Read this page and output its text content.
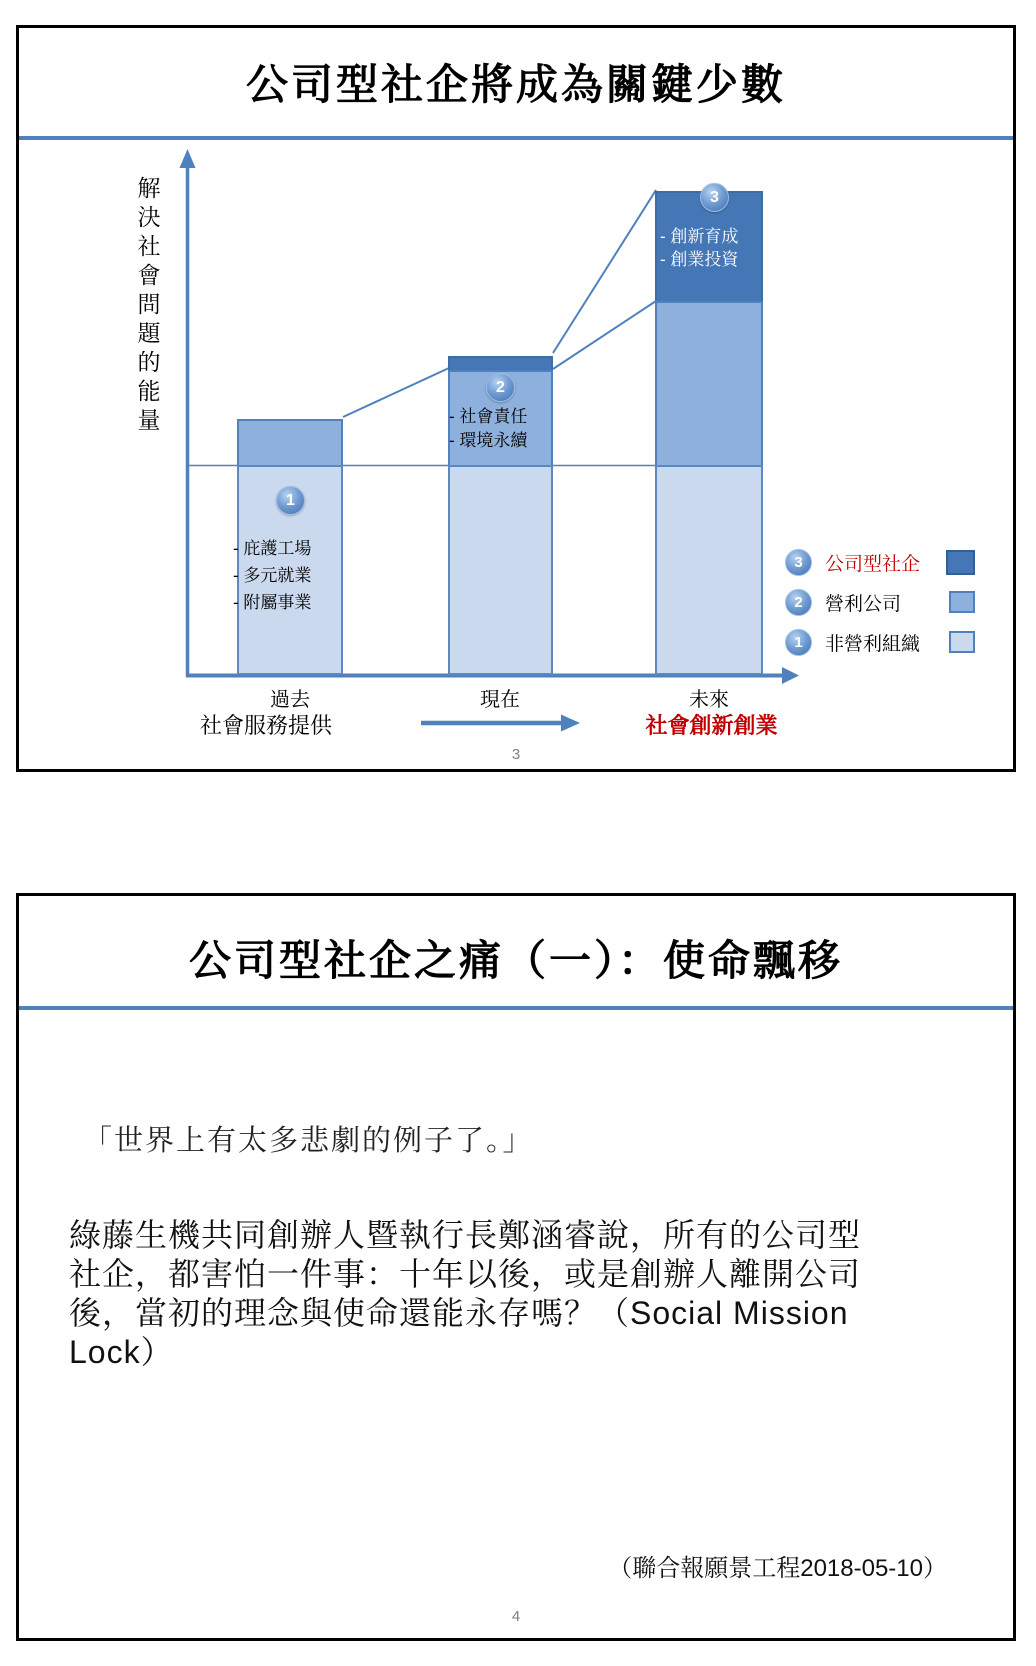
公司型社企將成為關鍵少數
解
決
社
會
問
題
的
能
量
1
2
3
- 庇護工場
- 多元就業
- 附屬事業
- 社會責任
- 環境永續
- 創新育成
- 創業投資
過去	現在	未來
社會服務提供	社會創新創業
3	公司型社企
2	營利公司
1	非營利組織
3
公司型社企之痛（一）：使命飄移
「世界上有太多悲劇的例子了。」
綠藤生機共同創辦人暨執行長鄭涵睿說，所有的公司型
社企，都害怕一件事：十年以後，或是創辦人離開公司
後，當初的理念與使命還能永存嗎？（Social Mission
Lock）
（聯合報願景工程2018-05-10）
4
